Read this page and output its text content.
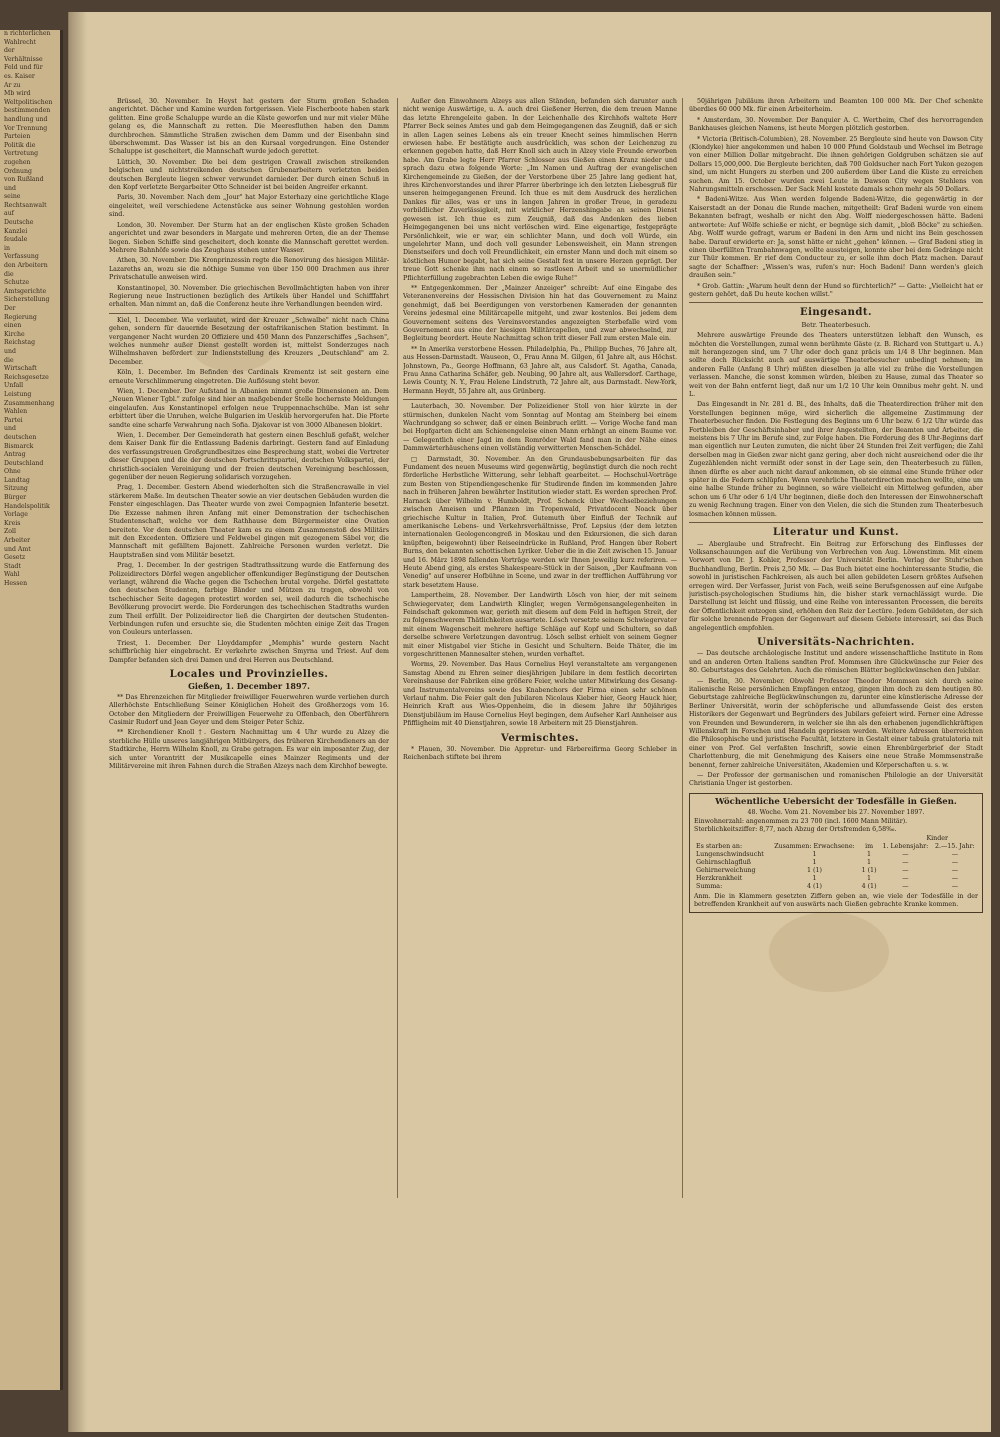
n richterlichen
Wahlrecht
der
Verhältnisse
Feld und für
es. Kaiser
Ar zu
Mb wird
Weltpolitischen
bestimmenden
handlung und
Vor Trennung
Parteien
Politik die
Vertretung
zugehen
Ordnung
von Rußland
und
seine
Rechtsanwalt
auf
Deutsche
Kanzlei
feudale
in
Verfassung
den Arbeitern
die
Schutze
Amtsgerichte
Sicherstellung
Der
Regierung
einen
Kirche
Reichstag
und
die
Wirtschaft
Reichsgesetze
Unfall
Leistung
Zusammenhang
Wahlen
Partei
und
deutschen
Bismarck
Antrag
Deutschland
Ohne
Landtag
Sitzung
Bürger
Handelspolitik
Vorlage
Kreis
Zoll
Arbeiter
und Amt
Gesetz
Stadt
Wahl
Hessen

Brüssel, 30. November. In Heyst hat gestern der Sturm großen Schaden angerichtet. Dächer und Kamine wurden fortgerissen. Viele Fischerboote haben stark gelitten. Eine große Schaluppe wurde an die Küste geworfen und nur mit vieler Mühe gelang es, die Mannschaft zu retten. Die Meeresfluthen haben den Damm durchbrochen. Sämmtliche Straßen zwischen dem Damm und der Eisenbahn sind überschwemmt. Das Wasser ist bis an den Kursaal vorgedrungen. Eine Ostender Schaluppe ist gescheitert, die Mannschaft wurde jedoch gerettet.

Lüttich, 30. November. Die bei dem gestrigen Crawall zwischen streikenden belgischen und nichtstreikenden deutschen Grubenarbeitern verletzten beiden deutschen Bergleute liegen schwer verwundet darnieder. Der durch einen Schuß in den Kopf verletzte Bergarbeiter Otto Schneider ist bei beiden Angreifer erkannt.

Paris, 30. November. Nach dem „Jour" hat Major Esterhazy eine gerichtliche Klage eingeleitet, weil verschiedene Actenstücke aus seiner Wohnung gestohlen worden sind.

London, 30. November. Der Sturm hat an der englischen Küste großen Schaden angerichtet und zwar besonders in Margate und mehreren Orten, die an der Themse liegen. Sieben Schiffe sind gescheitert, doch konnte die Mannschaft gerettet werden. Mehrere Bahnhöfe sowie das Zeughaus stehen unter Wasser.

Athen, 30. November. Die Kronprinzessin regte die Renovirung des hiesigen Militär-Lazareths an, wozu sie die nöthige Summe von über 150 000 Drachmen aus ihrer Privatschatulle anweisen wird.

Konstantinopel, 30. November. Die griechischen Bevollmächtigten haben von ihrer Regierung neue Instructionen bezüglich des Artikels über Handel und Schifffahrt erhalten. Man nimmt an, daß die Conferenz heute ihre Verhandlungen beenden wird.

Kiel, 1. December. Wie verlautet, wird der Kreuzer „Schwalbe" nicht nach China gehen, sondern für dauernde Besetzung der ostafrikanischen Station bestimmt. In vergangener Nacht wurden 20 Offiziere und 450 Mann des Panzerschiffes „Sachsen", welches nunmehr außer Dienst gestellt worden ist, mittelst Sonderzuges nach Wilhelmshaven befördert zur Indienststellung des Kreuzers „Deutschland" am 2. December.

Köln, 1. December. Im Befinden des Cardinals Krementz ist seit gestern eine erneute Verschlimmerung eingetreten. Die Auflösung steht bevor.

Wien, 1. December. Der Aufstand in Albanien nimmt große Dimensionen an. Dem „Neuen Wiener Tgbl." zufolge sind hier an maßgebender Stelle hochernste Meldungen eingelaufen. Aus Konstantinopel erfolgen neue Truppennachschübe. Man ist sehr erbittert über die Unruhen, welche Bulgarien im Uesküb hervorgerufen hat. Die Pforte sandte eine scharfe Verwahrung nach Sofia. Djakovar ist von 3000 Albanesen blokirt.

Wien, 1. December. Der Gemeinderath hat gestern einen Beschluß gefaßt, welcher dem Kaiser Dank für die Entlassung Badenis darbringt. Gestern fand auf Einladung des verfassungstreuen Großgrundbesitzes eine Besprechung statt, wobei die Vertreter dieser Gruppen und die der deutschen Fortschrittspartei, deutschen Volkspartei, der christlich-socialen Vereinigung und der freien deutschen Vereinigung beschlossen, gegenüber der neuen Regierung solidarisch vorzugehen.

Prag, 1. December. Gestern Abend wiederholten sich die Straßencrawalle in viel stärkerem Maße. Im deutschen Theater sowie an vier deutschen Gebäuden wurden die Fenster eingeschlagen. Das Theater wurde von zwei Compagnien Infanterie besetzt. Die Exzesse nahmen ihren Anfang mit einer Demonstration der tschechischen Studentenschaft, welche vor dem Rathhause dem Bürgermeister eine Ovation bereitete. Vor dem deutschen Theater kam es zu einem Zusammenstoß des Militärs mit den Excedenten. Offiziere und Feldwebel gingen mit gezogenem Säbel vor, die Mannschaft mit gefälltem Bajonett. Zahlreiche Personen wurden verletzt. Die Hauptstraßen sind vom Militär besetzt.

Prag, 1. December. In der gestrigen Stadtrathssitzung wurde die Entfernung des Polizeidirectors Dörfel wegen angeblicher offenkundiger Begünstigung der Deutschen verlangt, während die Wache gegen die Tschechen brutal vorgehe. Dörfel gestattete den deutschen Studenten, farbige Bänder und Mützen zu tragen, obwohl von tschechischer Seite dagegen protestirt worden sei, weil dadurch die tschechische Bevölkerung provocirt werde. Die Forderungen des tschechischen Stadtraths wurden zum Theil erfüllt. Der Polizeidirector ließ die Chargirten der deutschen Studenten-Verbindungen rufen und ersuchte sie, die Studenten möchten einige Zeit das Tragen von Couleurs unterlassen.

Triest, 1. December. Der Lloyddampfer „Memphis" wurde gestern Nacht schiffbrüchig hier eingebracht. Er verkehrte zwischen Smyrna und Triest. Auf dem Dampfer befanden sich drei Damen und drei Herren aus Deutschland.

Locales und Provinzielles.
Gießen, 1. December 1897.

** Das Ehrenzeichen für Mitglieder freiwilliger Feuerwehren wurde verliehen durch Allerhöchste Entschließung Seiner Königlichen Hoheit des Großherzogs vom 16. October den Mitgliedern der Freiwilligen Feuerwehr zu Offenbach, den Oberführern Casimir Rudorf und Jean Geyer und dem Steiger Peter Schiz.

** Kirchendiener Knoll †. Gestern Nachmittag um 4 Uhr wurde zu Alzey die sterbliche Hülle unseres langjährigen Mitbürgers, des früheren Kirchendieners an der Stadtkirche, Herrn Wilhelm Knoll, zu Grabe getragen. Es war ein imposanter Zug, der sich unter Vorantritt der Musikcapelle eines Mainzer Regiments und der Militärvereine mit ihren Fahnen durch die Straßen Alzeys nach dem Kirchhof bewegte.

Außer den Einwohnern Alzeys aus allen Ständen, befanden sich darunter auch nicht wenige Auswärtige, u. A. auch drei Gießener Herren, die dem treuen Manne das letzte Ehrengeleite gaben. In der Leichenhalle des Kirchhofs waltete Herr Pfarrer Beck seines Amtes und gab dem Heimgegangenen das Zeugniß, daß er sich in allen Lagen seines Lebens als ein treuer Knecht seines himmlischen Herrn erwiesen habe. Er bestätigte auch ausdrücklich, was schon der Leichenzug zu erkennen gegeben hatte, daß Herr Knoll sich auch in Alzey viele Freunde erworben habe. Am Grabe legte Herr Pfarrer Schlosser aus Gießen einen Kranz nieder und sprach dazu etwa folgende Worte: „Im Namen und Auftrag der evangelischen Kirchengemeinde zu Gießen, der der Verstorbene über 25 Jahre lang gedient hat, ihres Kirchenvorstandes und ihrer Pfarrer überbringe ich den letzten Liebesgruß für unseren heimgegangenen Freund. Ich thue es mit dem Ausdruck des herzlichen Dankes für alles, was er uns in langen Jahren in großer Treue, in geradezu vorbildlicher Zuverlässigkeit, mit wirklicher Herzenshingabe an seinen Dienst gewesen ist. Ich thue es zum Zeugniß, daß das Andenken des lieben Heimgegangenen bei uns nicht verlöschen wird. Eine eigenartige, festgeprägte Persönlichkeit, wie er war, ein schlichter Mann, und doch voll Würde, ein ungelehrter Mann, und doch voll gesunder Lebensweisheit, ein Mann strengen Dienstseifers und doch voll Freundlichkeit, ein ernster Mann und doch mit einem so köstlichen Humor begabt, hat sich seine Gestalt fest in unsere Herzen geprägt. Der treue Gott schenke ihm nach einem so rastlosen Arbeit und so unermüdlicher Pflichterfüllung zugebrachten Leben die ewige Ruhe!"

** Entgegenkommen. Der „Mainzer Anzeiger" schreibt: Auf eine Eingabe des Veteranenvereins der Hessischen Division hin hat das Gouvernement zu Mainz genehmigt, daß bei Beerdigungen von verstorbenen Kameraden der genannten Vereins jedesmal eine Militärcapelle mitgeht, und zwar kostenlos. Bei jedem dem Gouvernement seitens des Vereinsvorstandes angezeigten Sterbefalle wird vom Gouvernement aus eine der hiesigen Militärcapellen, und zwar abwechselnd, zur Begleitung beordert. Heute Nachmittag schon tritt dieser Fall zum ersten Male ein.

** In Amerika verstorbene Hessen. Philadelphia, Pa., Philipp Buches, 76 Jahre alt, aus Hessen-Darmstadt. Wauseon, O., Frau Anna M. Gilgen, 61 Jahre alt, aus Höchst. Johnstown, Pa., George Hoffmann, 63 Jahre alt, aus Calsdorf. St. Agatha, Canada, Frau Anna Catharina Schäfer, geb. Neubing, 90 Jahre alt, aus Wallersdorf. Carthage, Lewis County, N. Y., Frau Helene Lindstruth, 72 Jahre alt, aus Darmstadt. New-York, Hermann Heydt, 55 Jahre alt, aus Grünberg.

Lauterbach, 30. November. Der Polizeidiener Stoll von hier kürzte in der stürmischen, dunkelen Nacht vom Sonntag auf Montag am Steinberg bei einem Wachrundgang so schwer, daß er einen Beinbruch erlitt. — Vorige Woche fand man bei Hopfgarten dicht am Schienengeleise einen Mann erhängt an einem Baume vor. — Gelegentlich einer Jagd im dem Romröder Wald fand man in der Nähe eines Dammwärterhäuschens einen vollständig verwitterten Menschen-Schädel.

□ Darmstadt, 30. November. An den Grundausbebungsarbeiten für das Fundament des neuen Museums wird gegenwärtig, begünstigt durch die noch recht förderliche Herbstliche Witterung, sehr lebhaft gearbeitet. — Hochschul-Vorträge zum Besten von Stipendiengeschenke für Studirende finden im kommenden Jahre nach in früheren Jahren bewährter Institution wieder statt. Es werden sprechen Prof. Harnack über Wilhelm v. Humboldt, Prof. Schenck über Wechselbeziehungen zwischen Ameisen und Pflanzen im Tropenwald, Privatdocent Noack über griechische Kultur in Italien, Prof. Gutemuth über Einfluß der Technik auf amerikanische Lebens- und Verkehrsverhältnisse, Prof. Lepsius (der dem letzten internationalen Geologencongreß in Moskau und den Exkursionen, die sich daran knüpften, beigewohnt) über Reiseeindrücke in Rußland, Prof. Hangen über Robert Burns, den bekannten schottischen Lyriker. Ueber die in die Zeit zwischen 15. Januar und 16. März 1898 fallenden Vorträge werden wir Ihnen jeweilig kurz referiren. — Heute Abend ging, als erstes Shakespeare-Stück in der Saison, „Der Kaufmann von Venedig" auf unserer Hofbühne in Scene, und zwar in der trefflichen Aufführung vor stark besetztem Hause.

Lampertheim, 28. November. Der Landwirth Lösch von hier, der mit seinem Schwiegervater, dem Landwirth Klingler, wegen Vermögensangelegenheiten in Feindschaft gekommen war, gerieth mit diesem auf dem Feld in heftigen Streit, der zu folgenschwerem Thätlichkeiten ausartete. Lösch versetzte seinem Schwiegervater mit einem Wagenscheit mehrere heftige Schläge auf Kopf und Schultern, so daß derselbe schwere Verletzungen davontrug. Lösch selbst erhielt von seinem Gegner mit einer Mistgabel vier Stiche in Gesicht und Schultern. Beide Thäter, die im vorgeschrittenen Mannesalter stehen, wurden verhaftet.

Worms, 29. November. Das Haus Cornelius Heyl veranstaltete am vergangenen Samstag Abend zu Ehren seiner diesjährigen Jubilare in dem festlich decorirten Vereinshause der Fabriken eine größere Feier, welche unter Mitwirkung des Gesang- und Instrumentalvereins sowie des Knabenchors der Firma einen sehr schönen Verlauf nahm. Die Feier galt den Jubilaren Nicolaus Kieber hier, Georg Hauck hier, Heinrich Kraft aus Wies-Oppenheim, die in diesem Jahre ihr 50jähriges Dienstjubiläum im Hause Cornelius Heyl begingen, dem Aufseher Karl Annheiser aus Pfiffligheim mit 40 Dienstjahren, sowie 18 Arbeitern mit 25 Dienstjahren.

Vermischtes.

* Plauen, 30. November. Die Appretur- und Färbereifirma Georg Schleber in Reichenbach stiftete bei ihrem

50jährigen Jubiläum ihren Arbeitern und Beamten 100 000 Mk. Der Chef schenkte überdies 60 000 Mk. für einen Arbeiterheim.

* Amsterdam, 30. November. Der Banquier A. C. Wertheim, Chef des hervorragenden Bankhauses gleichen Namens, ist heute Morgen plötzlich gestorben.

* Victoria (Britisch-Columbien), 28. November. 25 Bergleute sind heute von Dawson City (Klondyke) hier angekommen und haben 10 000 Pfund Goldstaub und Wechsel im Betrage von einer Million Dollar mitgebracht. Die ihnen gehörigen Goldgruben schätzen sie auf Dollars 15,000,000. Die Bergleute berichten, daß 700 Goldsucher nach Fort Yukon gezogen sind, um nicht Hungers zu sterben und 200 außerdem über Land die Küste zu erreichen suchen. Am 15. October wurden zwei Leute in Dawson City wegen Stehlens von Nahrungsmitteln erschossen. Der Sack Mehl kostete damals schon mehr als 50 Dollars.

* Badeni-Witze. Aus Wien werden folgende Badeni-Witze, die gegenwärtig in der Kaiserstadt an der Donau die Runde machen, mitgetheilt: Graf Badeni wurde von einem Bekannten befragt, weshalb er nicht den Abg. Wolff niedergeschossen hätte. Badeni antwortete: Auf Wölfe schieße er nicht, er begnüge sich damit, „bloß Böcke" zu schießen. Abg. Wolff wurde gefragt, warum er Badeni in den Arm und nicht ins Bein geschossen habe. Darauf erwiderte er: Ja, sonst hätte er nicht „gehen" können. — Graf Badeni stieg in einen überfüllten Trambahnwagen, wollte aussteigen, konnte aber bei dem Gedränge nicht zur Thür kommen. Er rief dem Conducteur zu, er solle ihm doch Platz machen. Darauf sagte der Schaffner: „Wissen's was, rufen's nur: Hoch Badeni! Dann werden's gleich draußen sein."

* Grob. Gattin: „Warum heult denn der Hund so fürchterlich?" — Gatte: „Vielleicht hat er gestern gehört, daß Du heute kochen willst."

Eingesandt.
Betr. Theaterbesuch.

Mehrere auswärtige Freunde des Theaters unterstützen lebhaft den Wunsch, es möchten die Vorstellungen, zumal wenn berühmte Gäste (z. B. Richard von Stuttgart u. A.) mit herangezogen sind, um 7 Uhr oder doch ganz präcis um 1/4 8 Uhr beginnen. Man sollte doch Rücksicht auch auf auswärtige Theaterbesucher unbedingt nehmen; im anderen Falle (Anfang 8 Uhr) müßten dieselben ja alle viel zu frühe die Vorstellungen verlassen. Manche, die sonst kommen würden, bleiben zu Hause, zumal das Theater so weit von der Bahn entfernt liegt, daß nur um 1/2 10 Uhr kein Omnibus mehr geht. N. und L.

Das Eingesandt in Nr. 281 d. Bl., des Inhalts, daß die Theaterdirection früher mit den Vorstellungen beginnen möge, wird sicherlich die allgemeine Zustimmung der Theaterbesucher finden. Die Festlegung des Beginns um 6 Uhr bezw. 6 1/2 Uhr würde das Fortbleiben der Geschäftsinhaber und ihrer Angestellten, der Beamten und Arbeiter, die meistens bis 7 Uhr im Berufe sind, zur Folge haben. Die Forderung des 8 Uhr-Beginns darf man eigentlich nur Leuten zumuten, die nicht über 24 Stunden frei Zeit verfügen; die Zahl derselben mag in Gießen zwar nicht ganz gering, aber doch nicht ausreichend oder die ihr Zugezählenden nicht vermißt oder sonst in der Lage sein, den Theaterbesuch zu füllen, ihnen dürfte es aber auch nicht darauf ankommen, ob sie einmal eine Stunde früher oder später in die Federn schlüpfen. Wenn verehrliche Theaterdirection machen wollte, eine um eine halbe Stunde früher zu beginnen, so wäre vielleicht ein Mittelweg gefunden, aber schon um 6 Uhr oder 6 1/4 Uhr beginnen, dieße doch den Interessen der Einwohnerschaft zu wenig Rechnung tragen. Einer von den Vielen, die sich die Stunden zum Theaterbesuch losmachen können müssen.

Literatur und Kunst.

— Aberglaube und Strafrecht. Ein Beitrag zur Erforschung des Einflusses der Volksanschauungen auf die Verübung von Verbrechen von Aug. Löwenstimm. Mit einem Vorwort von Dr. J. Kohler, Professor der Universität Berlin. Verlag der Stuhr'schen Buchhandlung, Berlin. Preis 2,50 Mk. — Das Buch bietet eine hochinteressante Studie, die sowohl in juristischen Fachkreisen, als auch bei allen gebildeten Lesern größtes Aufsehen erregen wird. Der Verfasser, Jurist von Fach, weiß seine Berufsgenossen auf eine Aufgabe juristisch-psychologischen Studiums hin, die bisher stark vernachlässigt wurde. Die Darstellung ist leicht und flüssig, und eine Reihe von interessanten Processen, die bereits der Öffentlichkeit entzogen sind, erhöhen den Reiz der Lectüre. Jedem Gebildeten, der sich für solche brennende Fragen der Gegenwart auf diesem Gebiete interessirt, sei das Buch angelegentlich empfohlen.

Universitäts-Nachrichten.

— Das deutsche archäologische Institut und andere wissenschaftliche Institute in Rom und an anderen Orten Italiens sandten Prof. Mommsen ihre Glückwünsche zur Feier des 80. Geburtstages des Gelehrten. Auch die römischen Blätter beglückwünschen den Jubilar.

— Berlin, 30. November. Obwohl Professor Theodor Mommsen sich durch seine italienische Reise persönlichen Empfängen entzog, gingen ihm doch zu dem heutigen 80. Geburtstage zahlreiche Beglückwünschungen zu, darunter eine künstlerische Adresse der Berliner Universität, worin der schöpferische und allumfassende Geist des ersten Historikers der Gegenwart und Begründers des Jubilars gefeiert wird. Ferner eine Adresse von Freunden und Bewunderern, in welcher sie ihn als den erhabenen jugendlichkräftigen Willenskraft im Forschen und Handeln gepriesen werden. Weitere Adressen überreichten die Philosophische und juristische Facultät, letztere in Gestalt einer tabula gratulatoria mit einer von Prof. Gel verfaßten Inschrift, sowie einen Ehrenbürgerbrief der Stadt Charlottenburg, die mit Genehmigung des Kaisers eine neue Straße Mommsenstraße benennt, ferner zahlreiche Universitäten, Akademien und Körperschaften u. s. w.

— Der Professor der germanischen und romanischen Philologie an der Universität Christiania Unger ist gestorben.

Wöchentliche Uebersicht der Todesfälle in Gießen.
48. Woche. Vom 21. November bis 27. November 1897.
Einwohnerzahl: angenommen zu 23 700 (incl. 1600 Mann Militär).
Sterblichkeitsziffer: 8,77, nach Abzug der Ortsfremden 6,58‰.
Kinder
Es starben an:	Zusammen: Erwachsene:	im	1. Lebensjahr:	2.—15. Jahr:
Lungenschwindsucht	1	1	—	—
Gehirnschlagfluß	1	1	—	—
Gehirnerweichung	1 (1)	1 (1)	—	—
Herzkrankheit	1	1	—	—
Summa:	4 (1)	4 (1)	—	—
Anm. Die in Klammern gesetzten Ziffern geben an, wie viele der Todesfälle in der betreffenden Krankheit auf von auswärts nach Gießen gebrachte Kranke kommen.
